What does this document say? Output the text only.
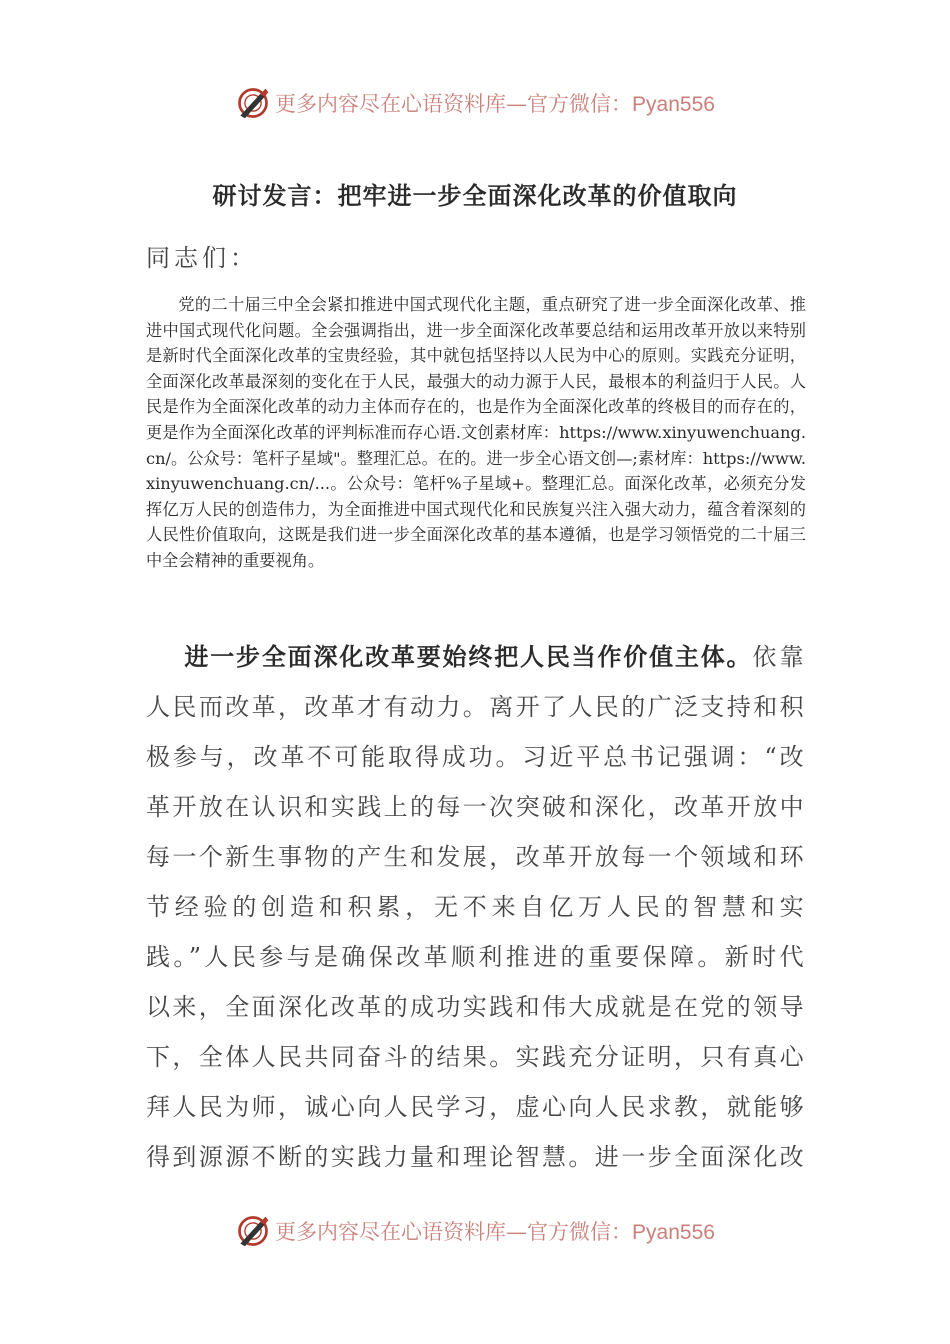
更多内容尽在心语资料库—官方微信：Pyan556
研讨发言：把牢进一步全面深化改革的价值取向
同志们：

党的二十届三中全会紧扣推进中国式现代化主题，重点研究了进一步全面深化改革、推进中国式现代化问题。全会强调指出，进一步全面深化改革要总结和运用改革开放以来特别是新时代全面深化改革的宝贵经验，其中就包括坚持以人民为中心的原则。实践充分证明，全面深化改革最深刻的变化在于人民，最强大的动力源于人民，最根本的利益归于人民。人民是作为全面深化改革的动力主体而存在的，也是作为全面深化改革的终极目的而存在的，更是作为全面深化改革的评判标准而存心语.文创素材库：https://www.xinyuwenchuang.cn/。公众号：笔杆子星域"。整理汇总。在的。进一步全心语文创—;素材库：https://www.xinyuwenchuang.cn/...。公众号：笔杆%子星域+。整理汇总。面深化改革，必须充分发挥亿万人民的创造伟力，为全面推进中国式现代化和民族复兴注入强大动力，蕴含着深刻的人民性价值取向，这既是我们进一步全面深化改革的基本遵循，也是学习领悟党的二十届三中全会精神的重要视角。

进一步全面深化改革要始终把人民当作价值主体。依靠人民而改革，改革才有动力。离开了人民的广泛支持和积极参与，改革不可能取得成功。习近平总书记强调：“改革开放在认识和实践上的每一次突破和深化，改革开放中每一个新生事物的产生和发展，改革开放每一个领域和环节经验的创造和积累，无不来自亿万人民的智慧和实践。”人民参与是确保改革顺利推进的重要保障。新时代以来，全面深化改革的成功实践和伟大成就是在党的领导下，全体人民共同奋斗的结果。实践充分证明，只有真心拜人民为师，诚心向人民学习，虚心向人民求教，就能够得到源源不断的实践力量和理论智慧。进一步全面深化改

更多内容尽在心语资料库—官方微信：Pyan556
